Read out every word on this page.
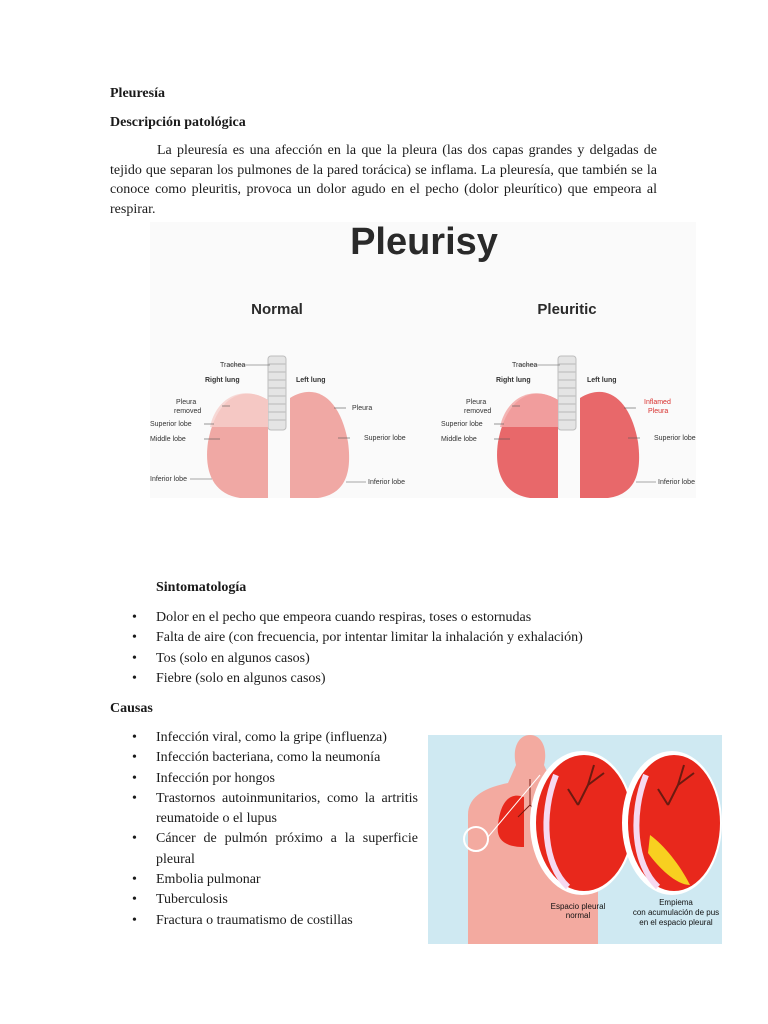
Pleuresía
Descripción patológica
La pleuresía es una afección en la que la pleura (las dos capas grandes y delgadas de tejido que separan los pulmones de la pared torácica) se inflama. La pleuresía, que también se la conoce como pleuritis, provoca un dolor agudo en el pecho (dolor pleurítico) que empeora al respirar.
Pleurisy
Normal	Pleuritic
Trachea
Right lung	Left lung
Pleura
removed
Superior lobe
Middle lobe
Inferior lobe
Pleura
Superior lobe
Inferior lobe
Trachea
Right lung	Left lung
Pleura
removed
Superior lobe
Middle lobe
Inflamed
Pleura
Superior lobe
Inferior lobe
Sintomatología
• Dolor en el pecho que empeora cuando respiras, toses o estornudas
• Falta de aire (con frecuencia, por intentar limitar la inhalación y exhalación)
• Tos (solo en algunos casos)
• Fiebre (solo en algunos casos)
Causas
• Infección viral, como la gripe (influenza)
• Infección bacteriana, como la neumonía
• Infección por hongos
• Trastornos autoinmunitarios, como la artritis reumatoide o el lupus
• Cáncer de pulmón próximo a la superficie pleural
• Embolia pulmonar
• Tuberculosis
• Fractura o traumatismo de costillas
Espacio pleural
normal
Empiema
con acumulación de pus
en el espacio pleural
